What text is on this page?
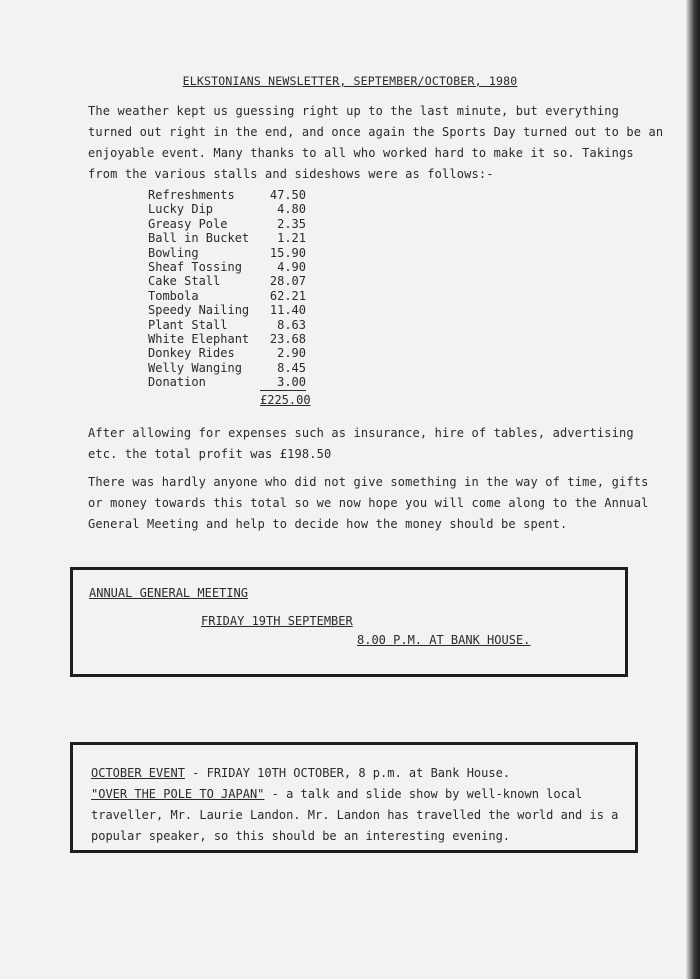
ELKSTONIANS NEWSLETTER, SEPTEMBER/OCTOBER, 1980

The weather kept us guessing right up to the last minute, but everything turned out right in the end, and once again the Sports Day turned out to be an enjoyable event. Many thanks to all who worked hard to make it so. Takings from the various stalls and sideshows were as follows:-

Refreshments	47.50
Lucky Dip	4.80
Greasy Pole	2.35
Ball in Bucket	1.21
Bowling	15.90
Sheaf Tossing	4.90
Cake Stall	28.07
Tombola	62.21
Speedy Nailing	11.40
Plant Stall	8.63
White Elephant	23.68
Donkey Rides	2.90
Welly Wanging	8.45
Donation	3.00
£225.00

After allowing for expenses such as insurance, hire of tables, advertising etc. the total profit was £198.50

There was hardly anyone who did not give something in the way of time, gifts or money towards this total so we now hope you will come along to the Annual General Meeting and help to decide how the money should be spent.

ANNUAL GENERAL MEETING
FRIDAY 19TH SEPTEMBER
8.00 P.M. AT BANK HOUSE.

OCTOBER EVENT - FRIDAY 10TH OCTOBER, 8 p.m. at Bank House.

"OVER THE POLE TO JAPAN" - a talk and slide show by well-known local traveller, Mr. Laurie Landon. Mr. Landon has travelled the world and is a popular speaker, so this should be an interesting evening.
